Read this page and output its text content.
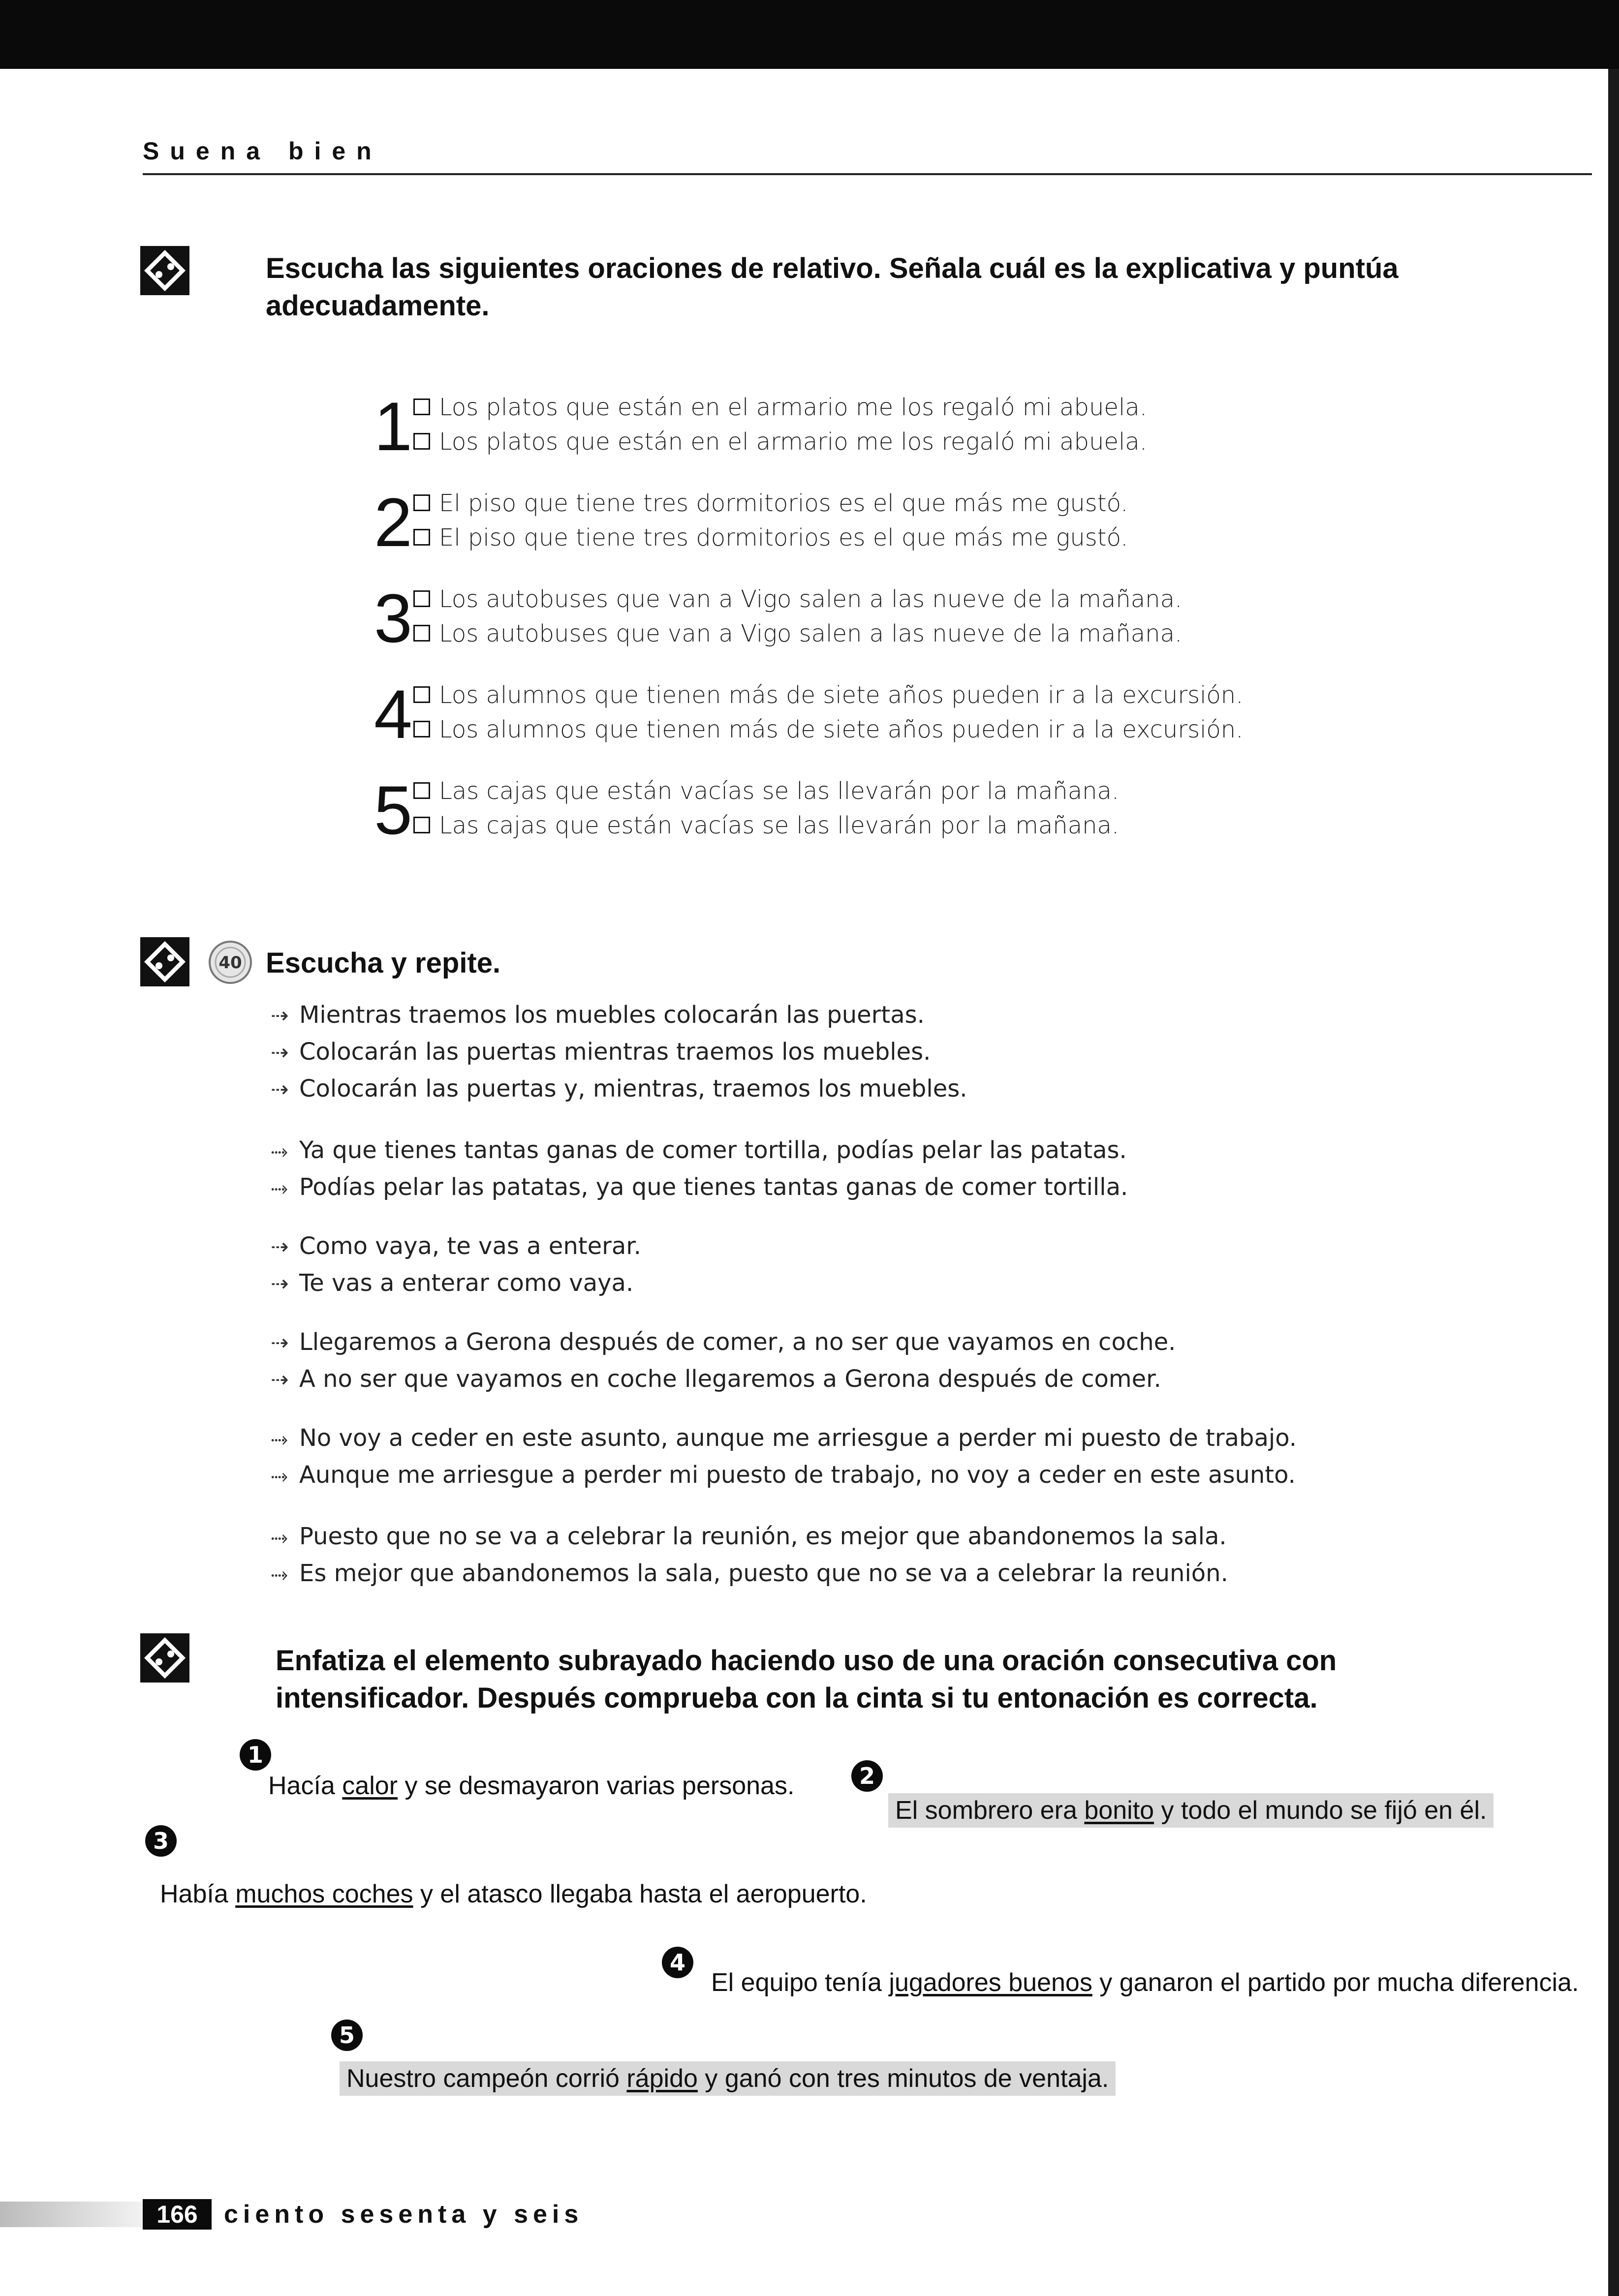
Suena bien
Escucha las siguientes oraciones de relativo. Señala cuál es la explicativa y puntúa adecuadamente.
1	Los platos que están en el armario me los regaló mi abuela.
Los platos que están en el armario me los regaló mi abuela.
2	El piso que tiene tres dormitorios es el que más me gustó.
El piso que tiene tres dormitorios es el que más me gustó.
3	Los autobuses que van a Vigo salen a las nueve de la mañana.
Los autobuses que van a Vigo salen a las nueve de la mañana.
4	Los alumnos que tienen más de siete años pueden ir a la excursión.
Los alumnos que tienen más de siete años pueden ir a la excursión.
5	Las cajas que están vacías se las llevarán por la mañana.
Las cajas que están vacías se las llevarán por la mañana.
40 Escucha y repite.
⇢ Mientras traemos los muebles colocarán las puertas.
⇢ Colocarán las puertas mientras traemos los muebles.
⇢ Colocarán las puertas y, mientras, traemos los muebles.
⤑ Ya que tienes tantas ganas de comer tortilla, podías pelar las patatas.
⤑ Podías pelar las patatas, ya que tienes tantas ganas de comer tortilla.
⇢ Como vaya, te vas a enterar.
⇢ Te vas a enterar como vaya.
⇢ Llegaremos a Gerona después de comer, a no ser que vayamos en coche.
⇢ A no ser que vayamos en coche llegaremos a Gerona después de comer.
⤑ No voy a ceder en este asunto, aunque me arriesgue a perder mi puesto de trabajo.
⤑ Aunque me arriesgue a perder mi puesto de trabajo, no voy a ceder en este asunto.
⤑ Puesto que no se va a celebrar la reunión, es mejor que abandonemos la sala.
⤑ Es mejor que abandonemos la sala, puesto que no se va a celebrar la reunión.
Enfatiza el elemento subrayado haciendo uso de una oración consecutiva con intensificador. Después comprueba con la cinta si tu entonación es correcta.
1
Hacía calor y se desmayaron varias personas.	2
El sombrero era bonito y todo el mundo se fijó en él.
3
Había muchos coches y el atasco llegaba hasta el aeropuerto.
4
El equipo tenía jugadores buenos y ganaron el partido por mucha diferencia.
5
Nuestro campeón corrió rápido y ganó con tres minutos de ventaja.
166	ciento sesenta y seis
